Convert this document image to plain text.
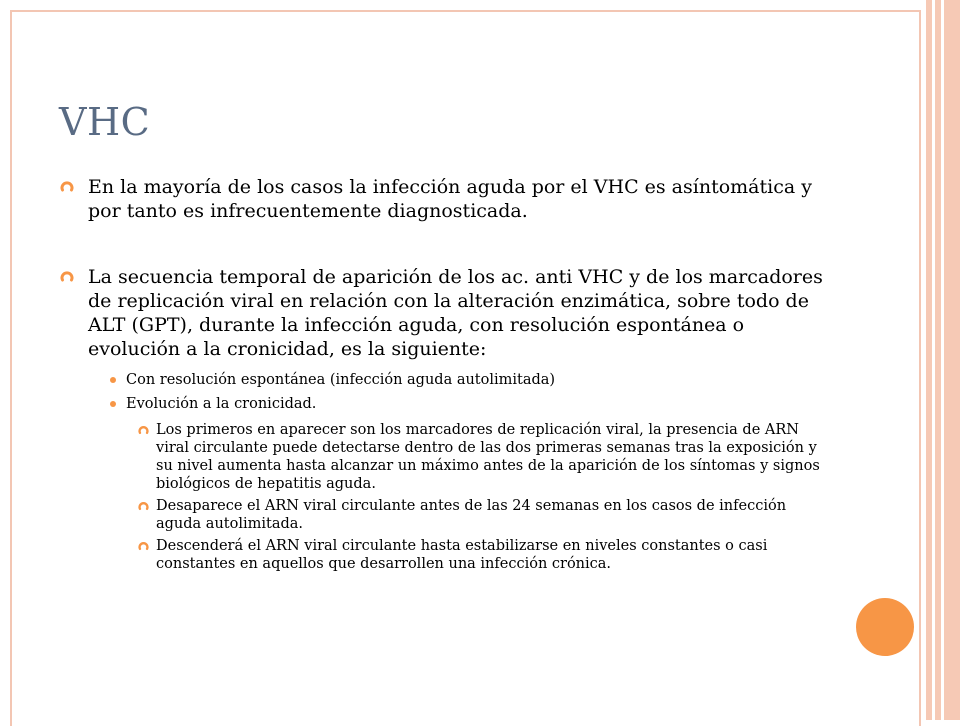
VHC
En la mayoría de los casos la infección aguda por el VHC es asíntomática y por tanto es infrecuentemente diagnosticada.
La secuencia temporal de aparición de los ac. anti VHC y de los marcadores de replicación viral en relación con la alteración enzimática, sobre todo de ALT (GPT), durante la infección aguda, con resolución espontánea o evolución a la cronicidad, es la siguiente:
Con resolución espontánea (infección aguda autolimitada)
Evolución a la cronicidad.
Los primeros en aparecer son los marcadores de replicación viral, la presencia de ARN viral circulante puede detectarse dentro de las dos primeras semanas tras la exposición y su nivel aumenta hasta alcanzar un máximo antes de la aparición de los síntomas y signos biológicos de hepatitis aguda.
Desaparece el ARN viral circulante antes de las 24 semanas en los casos de infección aguda autolimitada.
Descenderá el ARN viral circulante hasta estabilizarse en niveles constantes o casi constantes en aquellos que desarrollen una infección crónica.
